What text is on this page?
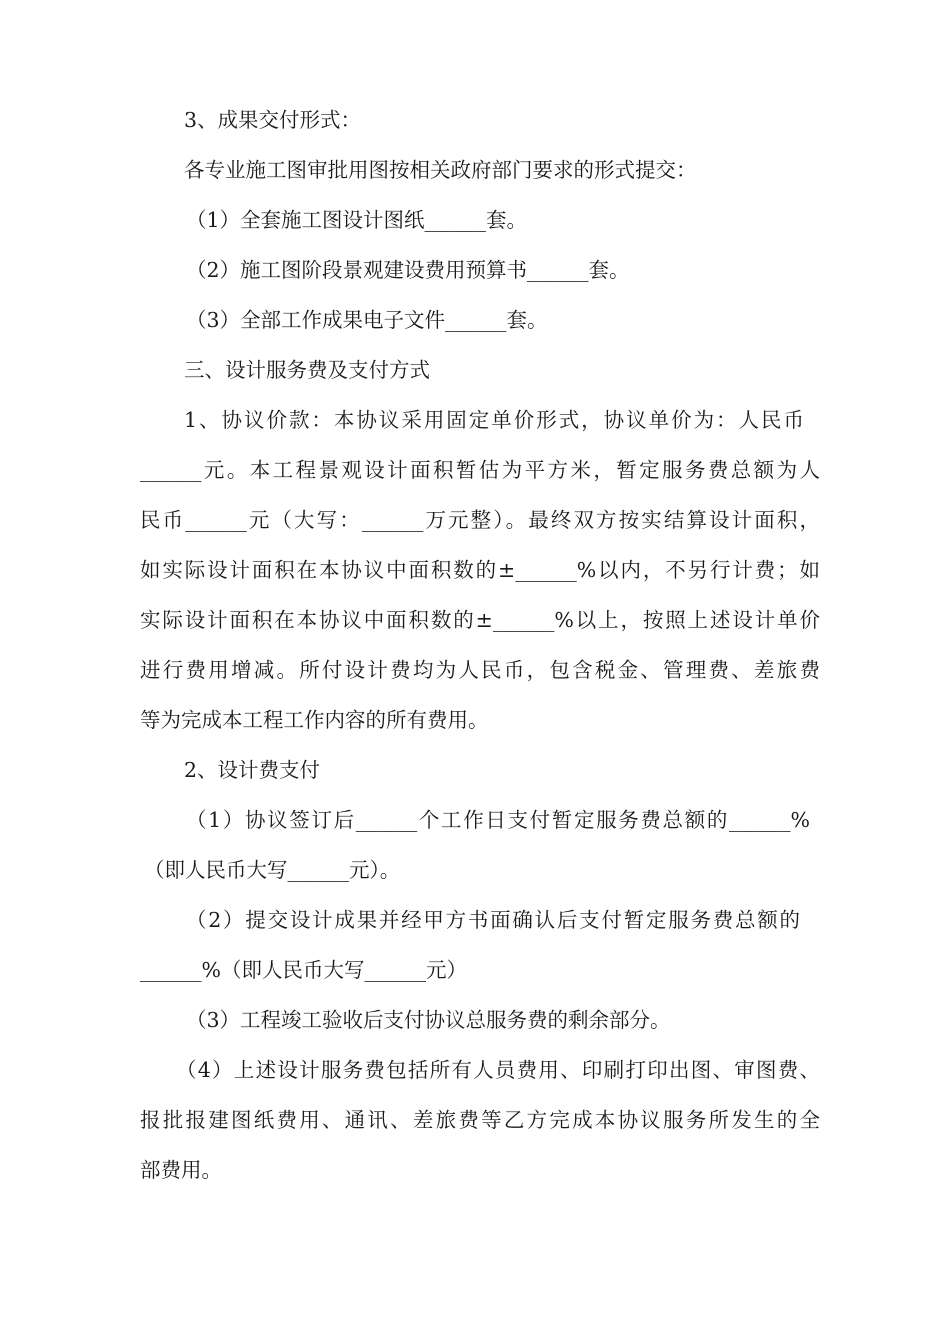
3、成果交付形式：

各专业施工图审批用图按相关政府部门要求的形式提交：

（1）全套施工图设计图纸______套。

（2）施工图阶段景观建设费用预算书______套。

（3）全部工作成果电子文件______套。

三、设计服务费及支付方式

1、协议价款：本协议采用固定单价形式，协议单价为：人民币

______元。本工程景观设计面积暂估为平方米，暂定服务费总额为人

民币______元（大写：______万元整）。最终双方按实结算设计面积，

如实际设计面积在本协议中面积数的±______%以内，不另行计费；如

实际设计面积在本协议中面积数的±______%以上，按照上述设计单价

进行费用增减。所付设计费均为人民币，包含税金、管理费、差旅费

等为完成本工程工作内容的所有费用。

2、设计费支付

（1）协议签订后______个工作日支付暂定服务费总额的______%

（即人民币大写______元）。

（2）提交设计成果并经甲方书面确认后支付暂定服务费总额的

______%（即人民币大写______元）

（3）工程竣工验收后支付协议总服务费的剩余部分。

（4）上述设计服务费包括所有人员费用、印刷打印出图、审图费、

报批报建图纸费用、通讯、差旅费等乙方完成本协议服务所发生的全

部费用。
